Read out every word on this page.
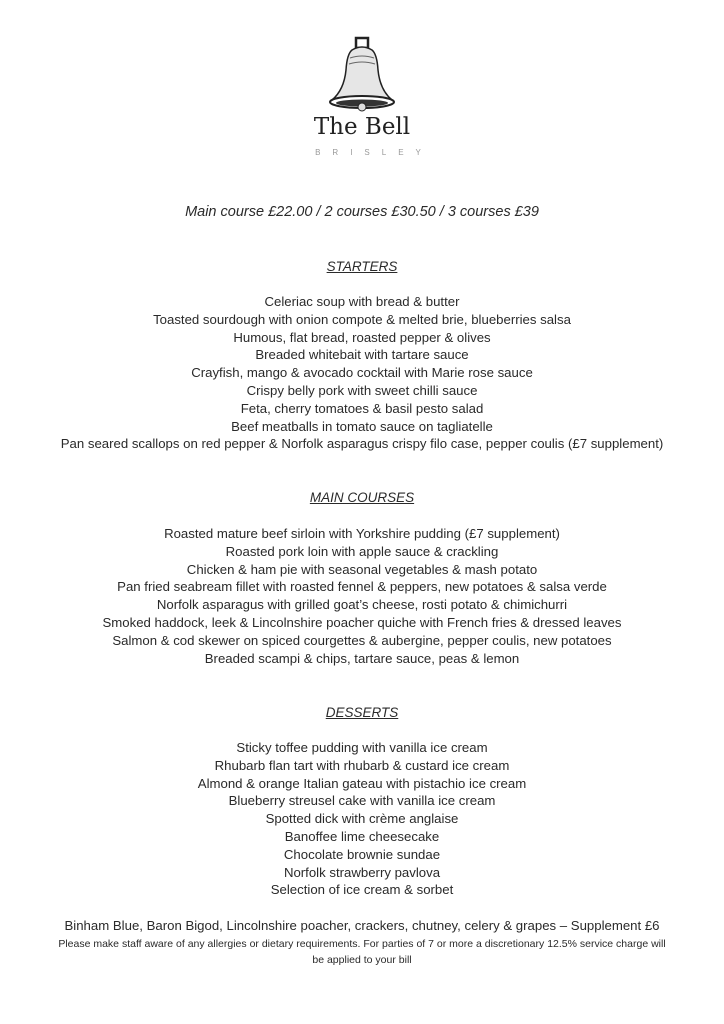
The Bell
BRISLEY
Main course £22.00 / 2 courses £30.50 / 3 courses £39
STARTERS
Celeriac soup with bread & butter
Toasted sourdough with onion compote & melted brie, blueberries salsa
Humous, flat bread, roasted pepper & olives
Breaded whitebait with tartare sauce
Crayfish, mango & avocado cocktail with Marie rose sauce
Crispy belly pork with sweet chilli sauce
Feta, cherry tomatoes & basil pesto salad
Beef meatballs in tomato sauce on tagliatelle
Pan seared scallops on red pepper & Norfolk asparagus crispy filo case, pepper coulis (£7 supplement)
MAIN COURSES
Roasted mature beef sirloin with Yorkshire pudding (£7 supplement)
Roasted pork loin with apple sauce & crackling
Chicken & ham pie with seasonal vegetables & mash potato
Pan fried seabream fillet with roasted fennel & peppers, new potatoes & salsa verde
Norfolk asparagus with grilled goat’s cheese, rosti potato & chimichurri
Smoked haddock, leek & Lincolnshire poacher quiche with French fries & dressed leaves
Salmon & cod skewer on spiced courgettes & aubergine, pepper coulis, new potatoes
Breaded scampi & chips, tartare sauce, peas & lemon
DESSERTS
Sticky toffee pudding with vanilla ice cream
Rhubarb flan tart with rhubarb & custard ice cream
Almond & orange Italian gateau with pistachio ice cream
Blueberry streusel cake with vanilla ice cream
Spotted dick with crème anglaise
Banoffee lime cheesecake
Chocolate brownie sundae
Norfolk strawberry pavlova
Selection of ice cream & sorbet
Binham Blue, Baron Bigod, Lincolnshire poacher, crackers, chutney, celery & grapes – Supplement £6
Please make staff aware of any allergies or dietary requirements. For parties of 7 or more a discretionary 12.5% service charge will be applied to your bill
